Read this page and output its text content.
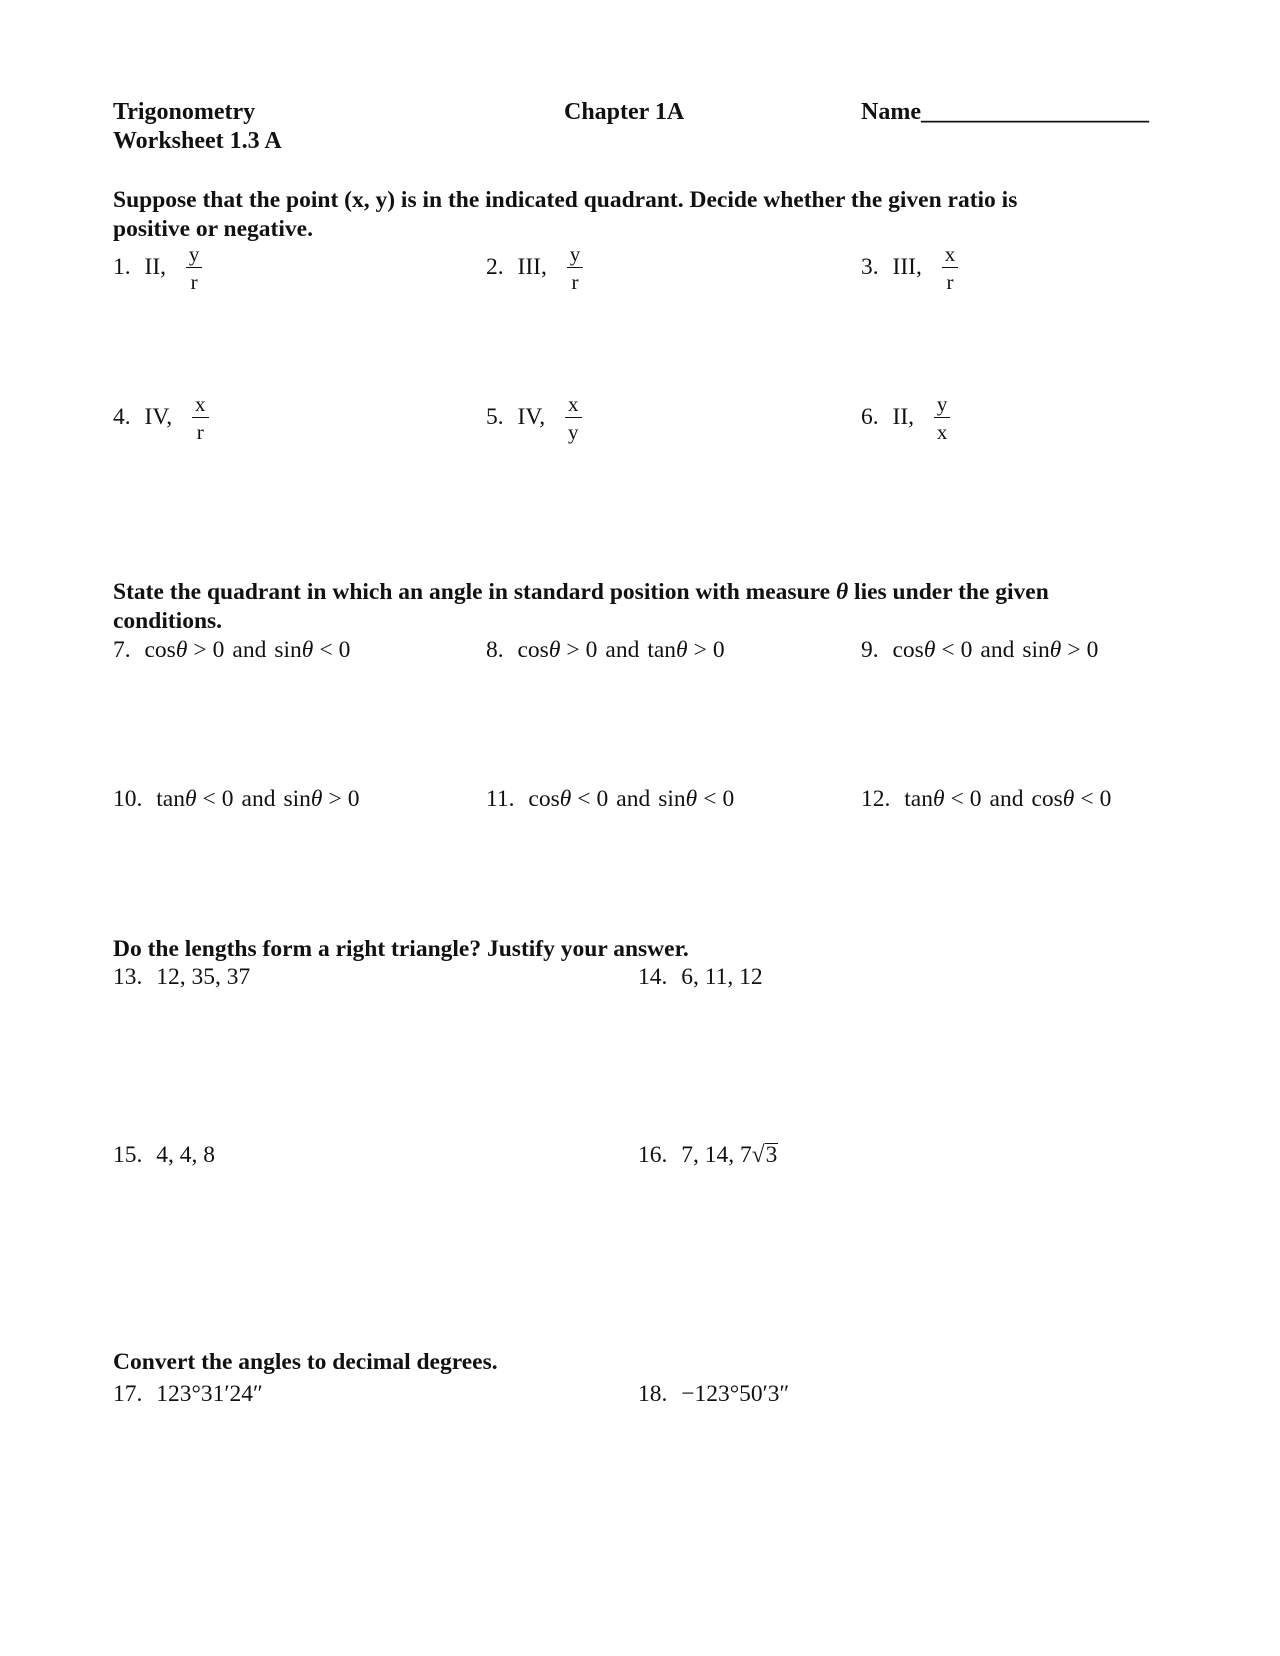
Trigonometry
Worksheet 1.3 A
Chapter 1A	Name___________________
Suppose that the point (x, y) is in the indicated quadrant. Decide whether the given ratio is
positive or negative.
1. II, $\frac{y}{r}$	2. III, $\frac{y}{r}$	3. III, $\frac{x}{r}$
4. IV, $\frac{x}{r}$	5. IV, $\frac{x}{y}$	6. II, $\frac{y}{x}$
State the quadrant in which an angle in standard position with measure θ lies under the given
conditions.
7. cosθ > 0 and sinθ < 0	8. cosθ > 0 and tanθ > 0	9. cosθ < 0 and sinθ > 0
10. tanθ < 0 and sinθ > 0	11. cosθ < 0 and sinθ < 0	12. tanθ < 0 and cosθ < 0
Do the lengths form a right triangle? Justify your answer.
13. 12, 35, 37	14. 6, 11, 12
15. 4, 4, 8	16. 7, 14, 7√3
Convert the angles to decimal degrees.
17. 123°31′24″	18. −123°50′3″
